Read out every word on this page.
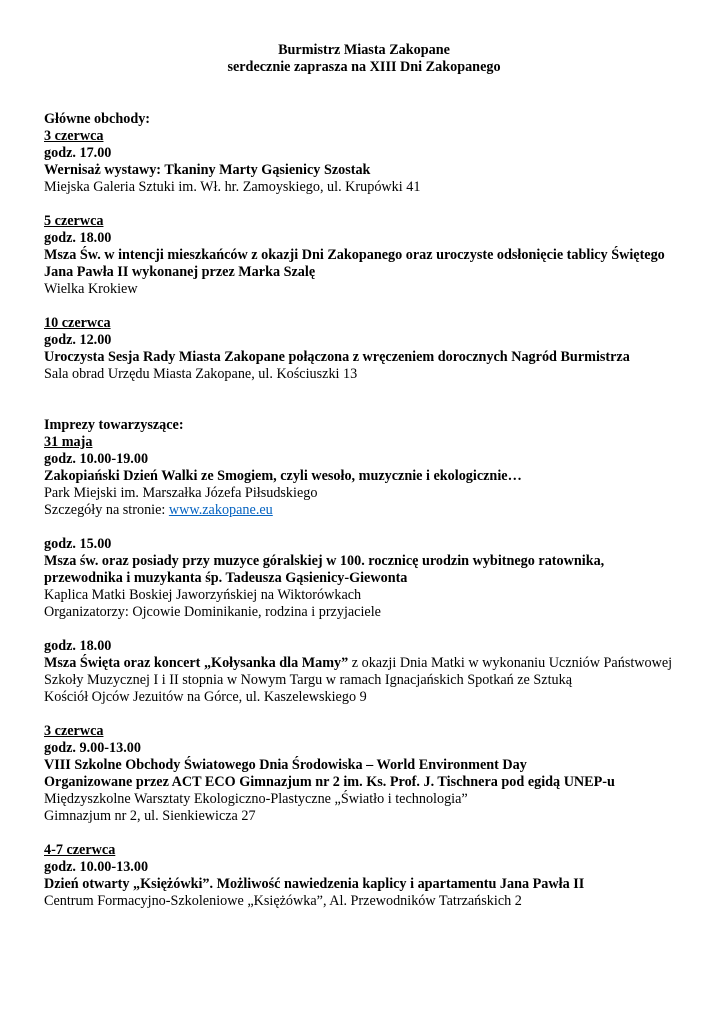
Burmistrz Miasta Zakopane
serdecznie zaprasza na XIII Dni Zakopanego

Główne obchody:

3 czerwca

godz. 17.00

Wernisaż wystawy: Tkaniny Marty Gąsienicy Szostak

Miejska Galeria Sztuki im. Wł. hr. Zamoyskiego, ul. Krupówki 41

5 czerwca

godz. 18.00

Msza Św. w intencji mieszkańców z okazji Dni Zakopanego oraz uroczyste odsłonięcie tablicy Świętego Jana Pawła II wykonanej przez Marka Szalę

Wielka Krokiew

10 czerwca

godz. 12.00

Uroczysta Sesja Rady Miasta Zakopane połączona z wręczeniem dorocznych Nagród Burmistrza

Sala obrad Urzędu Miasta Zakopane, ul. Kościuszki 13

Imprezy towarzyszące:

31 maja

godz. 10.00-19.00

Zakopiański Dzień Walki ze Smogiem, czyli wesoło, muzycznie i ekologicznie…

Park Miejski im. Marszałka Józefa Piłsudskiego

Szczegóły na stronie: www.zakopane.eu

godz. 15.00

Msza św. oraz posiady przy muzyce góralskiej w 100. rocznicę urodzin wybitnego ratownika, przewodnika i muzykanta śp. Tadeusza Gąsienicy-Giewonta

Kaplica Matki Boskiej Jaworzyńskiej na Wiktorówkach

Organizatorzy: Ojcowie Dominikanie, rodzina i przyjaciele

godz. 18.00

Msza Święta oraz koncert „Kołysanka dla Mamy” z okazji Dnia Matki w wykonaniu Uczniów Państwowej Szkoły Muzycznej I i II stopnia w Nowym Targu w ramach Ignacjańskich Spotkań ze Sztuką

Kościół Ojców Jezuitów na Górce, ul. Kaszelewskiego 9

3 czerwca

godz. 9.00-13.00

VIII Szkolne Obchody Światowego Dnia Środowiska – World Environment Day

Organizowane przez ACT ECO Gimnazjum nr 2 im. Ks. Prof. J. Tischnera pod egidą UNEP-u

Międzyszkolne Warsztaty Ekologiczno-Plastyczne „Światło i technologia”

Gimnazjum nr 2, ul. Sienkiewicza 27

4-7 czerwca

godz. 10.00-13.00

Dzień otwarty „Księżówki”. Możliwość nawiedzenia kaplicy i apartamentu Jana Pawła II

Centrum Formacyjno-Szkoleniowe „Księżówka”, Al. Przewodników Tatrzańskich 2
